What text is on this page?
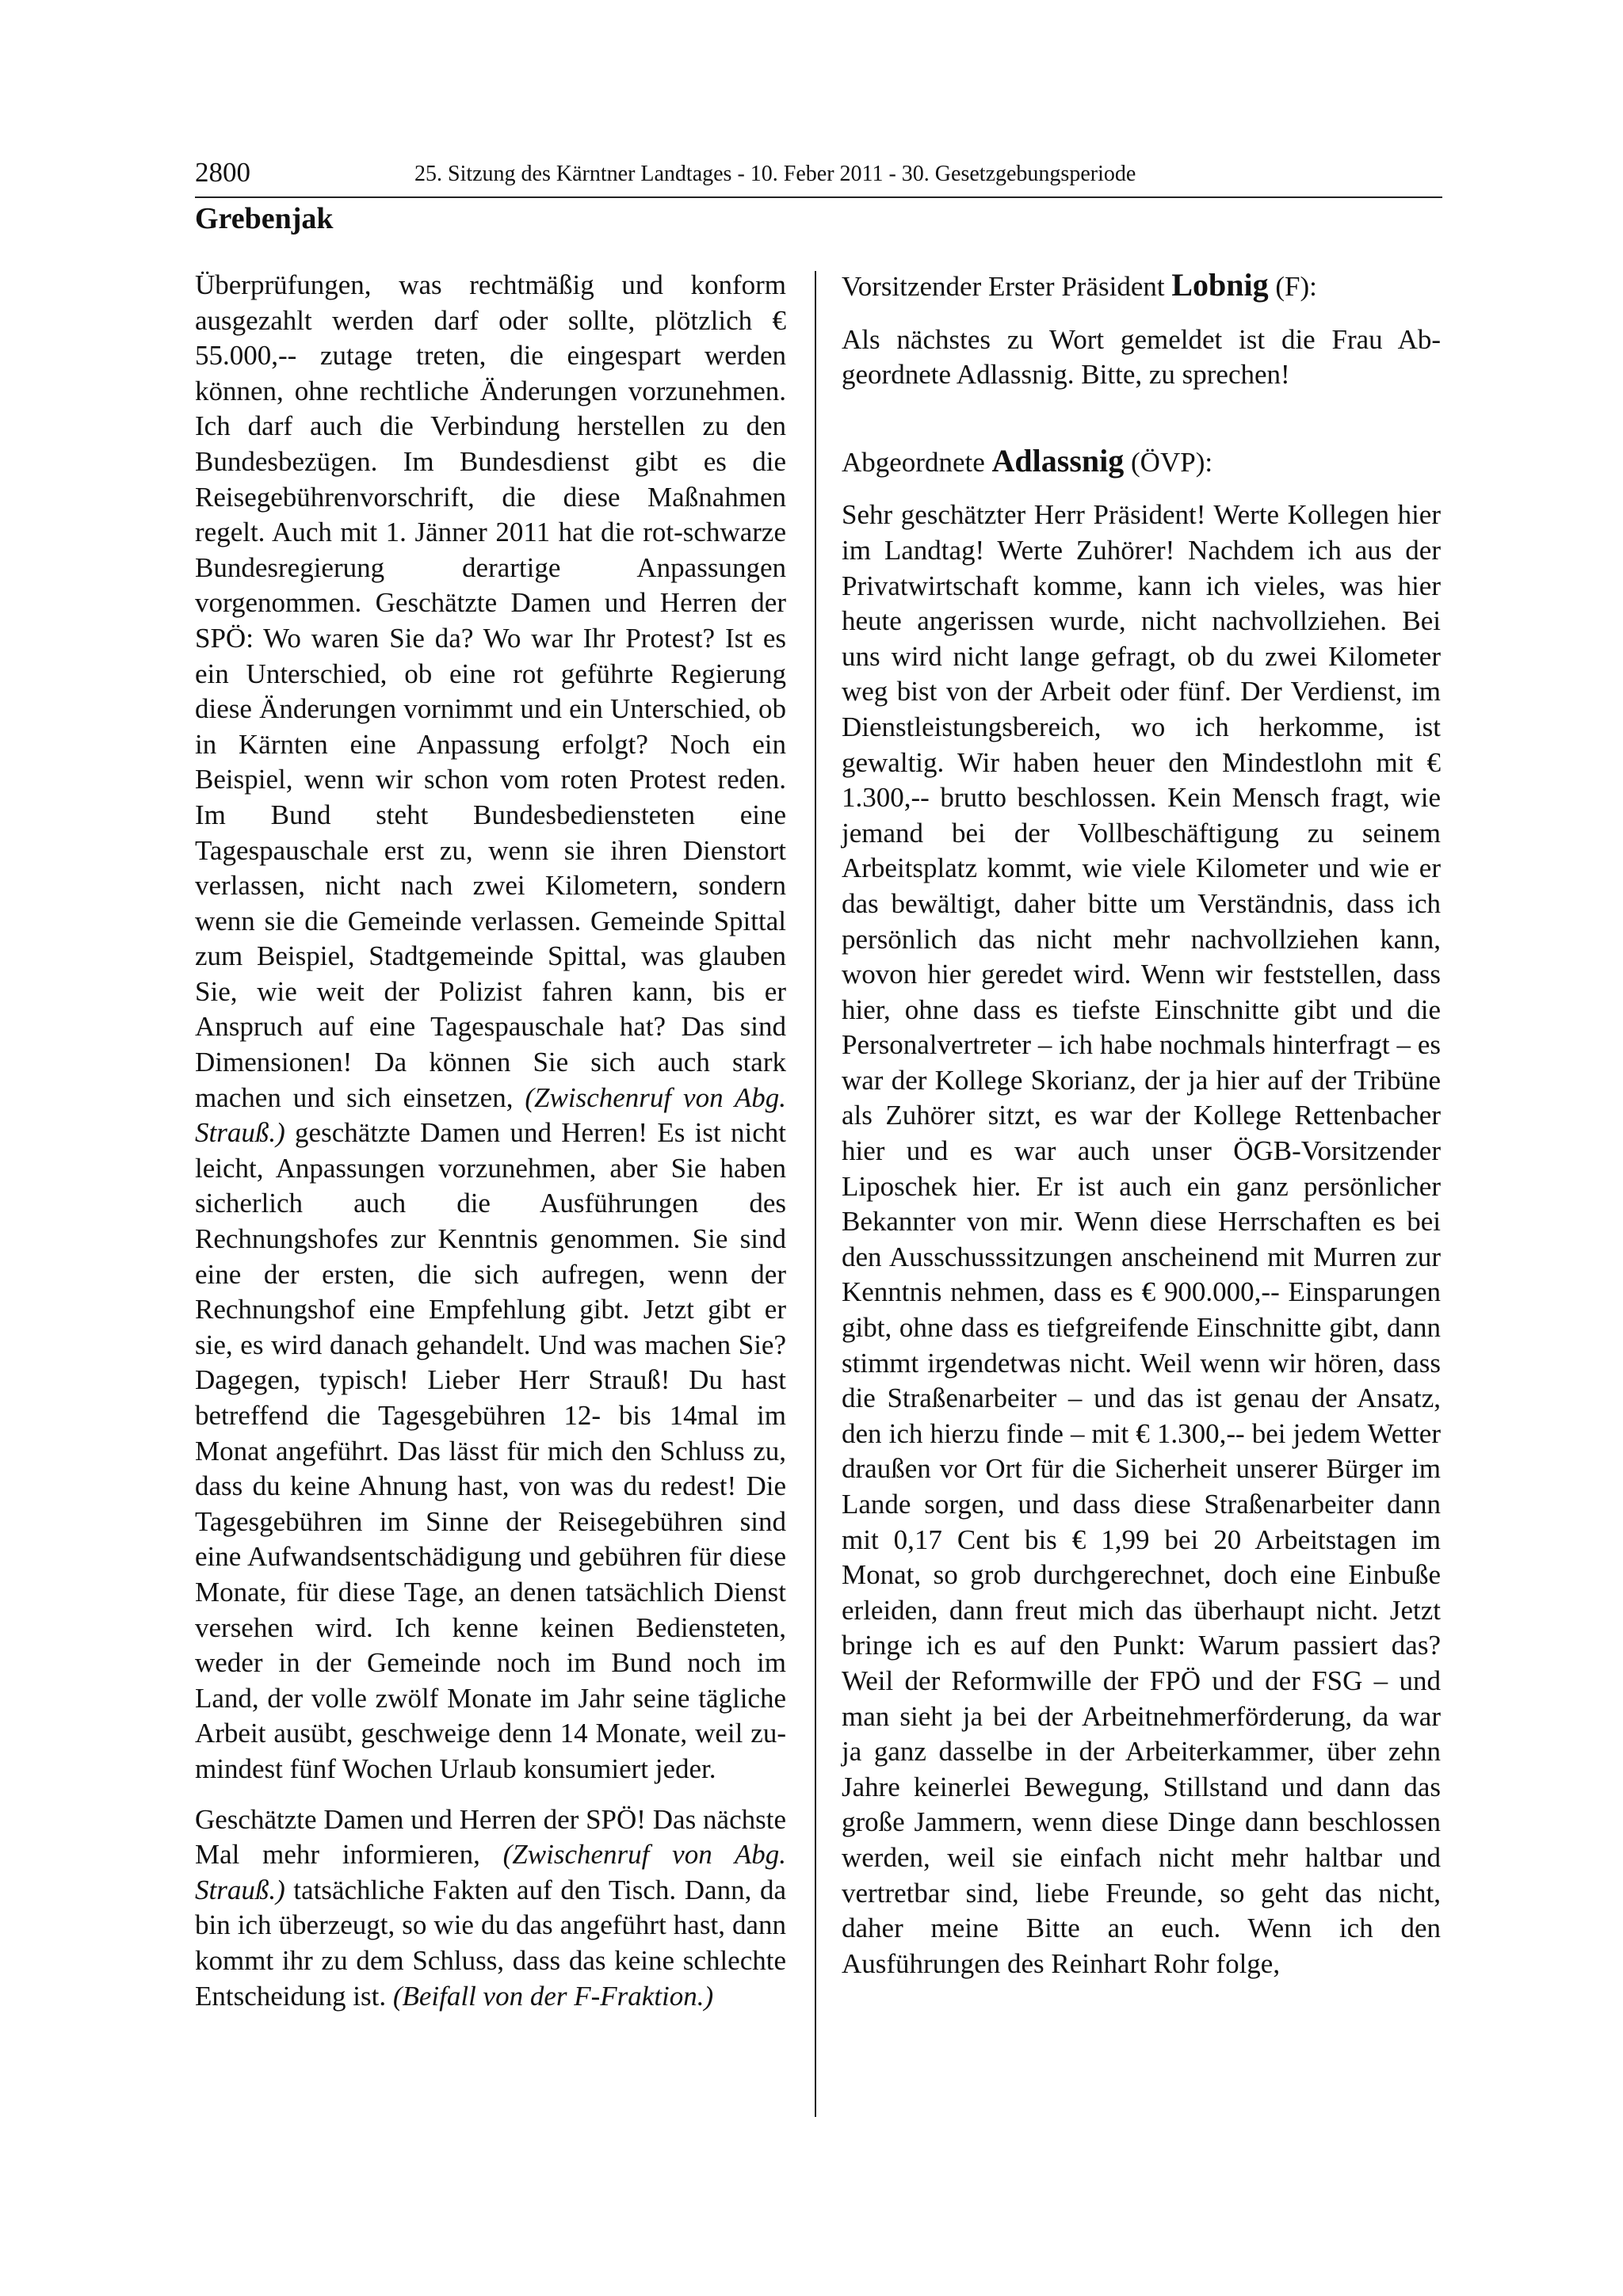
2800	25. Sitzung des Kärntner Landtages - 10. Feber 2011 - 30. Gesetzgebungsperiode
Grebenjak

Überprüfungen, was rechtmäßig und konform ausgezahlt werden darf oder sollte, plötzlich € 55.000,-- zutage treten, die eingespart werden können, ohne rechtliche Änderungen vorzunehmen. Ich darf auch die Verbindung herstellen zu den Bundesbezügen. Im Bundesdienst gibt es die Reisegebührenvorschrift, die diese Maßnahmen regelt. Auch mit 1. Jänner 2011 hat die rot-schwarze Bundesregierung derartige Anpassungen vorgenommen. Geschätzte Damen und Herren der SPÖ: Wo waren Sie da? Wo war Ihr Protest? Ist es ein Unterschied, ob eine rot geführte Regierung diese Änderungen vornimmt und ein Unterschied, ob in Kärnten eine Anpassung erfolgt? Noch ein Beispiel, wenn wir schon vom roten Protest reden. Im Bund steht Bundesbediensteten eine Tagespauschale erst zu, wenn sie ihren Dienstort verlassen, nicht nach zwei Kilometern, sondern wenn sie die Gemeinde verlassen. Gemeinde Spittal zum Beispiel, Stadtgemeinde Spittal, was glauben Sie, wie weit der Polizist fahren kann, bis er Anspruch auf eine Tagespauschale hat? Das sind Dimensionen! Da können Sie sich auch stark machen und sich einsetzen, (Zwischenruf von Abg. Strauß.) geschätzte Damen und Herren! Es ist nicht leicht, Anpassungen vorzunehmen, aber Sie haben sicherlich auch die Ausführungen des Rechnungshofes zur Kenntnis genommen. Sie sind eine der ersten, die sich aufregen, wenn der Rechnungshof eine Empfehlung gibt. Jetzt gibt er sie, es wird danach gehandelt. Und was machen Sie? Dagegen, typisch! Lieber Herr Strauß! Du hast betreffend die Tagesgebühren 12- bis 14mal im Monat angeführt. Das lässt für mich den Schluss zu, dass du keine Ahnung hast, von was du redest! Die Tagesgebühren im Sinne der Reisegebühren sind eine Aufwandsentschädigung und gebühren für diese Monate, für diese Tage, an denen tatsächlich Dienst versehen wird. Ich kenne keinen Bediensteten, weder in der Gemeinde noch im Bund noch im Land, der volle zwölf Monate im Jahr seine tägliche Arbeit ausübt, geschweige denn 14 Monate, weil zumindest fünf Wochen Urlaub konsumiert jeder.

Geschätzte Damen und Herren der SPÖ! Das nächste Mal mehr informieren, (Zwischenruf von Abg. Strauß.) tatsächliche Fakten auf den Tisch. Dann, da bin ich überzeugt, so wie du das angeführt hast, dann kommt ihr zu dem Schluss, dass das keine schlechte Entscheidung ist. (Beifall von der F-Fraktion.)

Vorsitzender Erster Präsident Lobnig (F):

Als nächstes zu Wort gemeldet ist die Frau Abgeordnete Adlassnig. Bitte, zu sprechen!

Abgeordnete Adlassnig (ÖVP):

Sehr geschätzter Herr Präsident! Werte Kollegen hier im Landtag! Werte Zuhörer! Nachdem ich aus der Privatwirtschaft komme, kann ich vieles, was hier heute angerissen wurde, nicht nachvollziehen. Bei uns wird nicht lange gefragt, ob du zwei Kilometer weg bist von der Arbeit oder fünf. Der Verdienst, im Dienstleistungsbereich, wo ich herkomme, ist gewaltig. Wir haben heuer den Mindestlohn mit € 1.300,-- brutto beschlossen. Kein Mensch fragt, wie jemand bei der Vollbeschäftigung zu seinem Arbeitsplatz kommt, wie viele Kilometer und wie er das bewältigt, daher bitte um Verständnis, dass ich persönlich das nicht mehr nachvollziehen kann, wovon hier geredet wird. Wenn wir feststellen, dass hier, ohne dass es tiefste Einschnitte gibt und die Personalvertreter – ich habe nochmals hinterfragt – es war der Kollege Skorianz, der ja hier auf der Tribüne als Zuhörer sitzt, es war der Kollege Rettenbacher hier und es war auch unser ÖGB-Vorsitzender Liposchek hier. Er ist auch ein ganz persönlicher Bekannter von mir. Wenn diese Herrschaften es bei den Ausschusssitzungen anscheinend mit Murren zur Kenntnis nehmen, dass es € 900.000,-- Einsparungen gibt, ohne dass es tiefgreifende Einschnitte gibt, dann stimmt irgendetwas nicht. Weil wenn wir hören, dass die Straßenarbeiter – und das ist genau der Ansatz, den ich hierzu finde – mit € 1.300,-- bei jedem Wetter draußen vor Ort für die Sicherheit unserer Bürger im Lande sorgen, und dass diese Straßenarbeiter dann mit 0,17 Cent bis € 1,99 bei 20 Arbeitstagen im Monat, so grob durchgerechnet, doch eine Einbuße erleiden, dann freut mich das überhaupt nicht. Jetzt bringe ich es auf den Punkt: Warum passiert das? Weil der Reformwille der FPÖ und der FSG – und man sieht ja bei der Arbeitnehmerförderung, da war ja ganz dasselbe in der Arbeiterkammer, über zehn Jahre keinerlei Bewegung, Stillstand und dann das große Jammern, wenn diese Dinge dann beschlossen werden, weil sie einfach nicht mehr haltbar und vertretbar sind, liebe Freunde, so geht das nicht, daher meine Bitte an euch. Wenn ich den Ausführungen des Reinhart Rohr folge,
